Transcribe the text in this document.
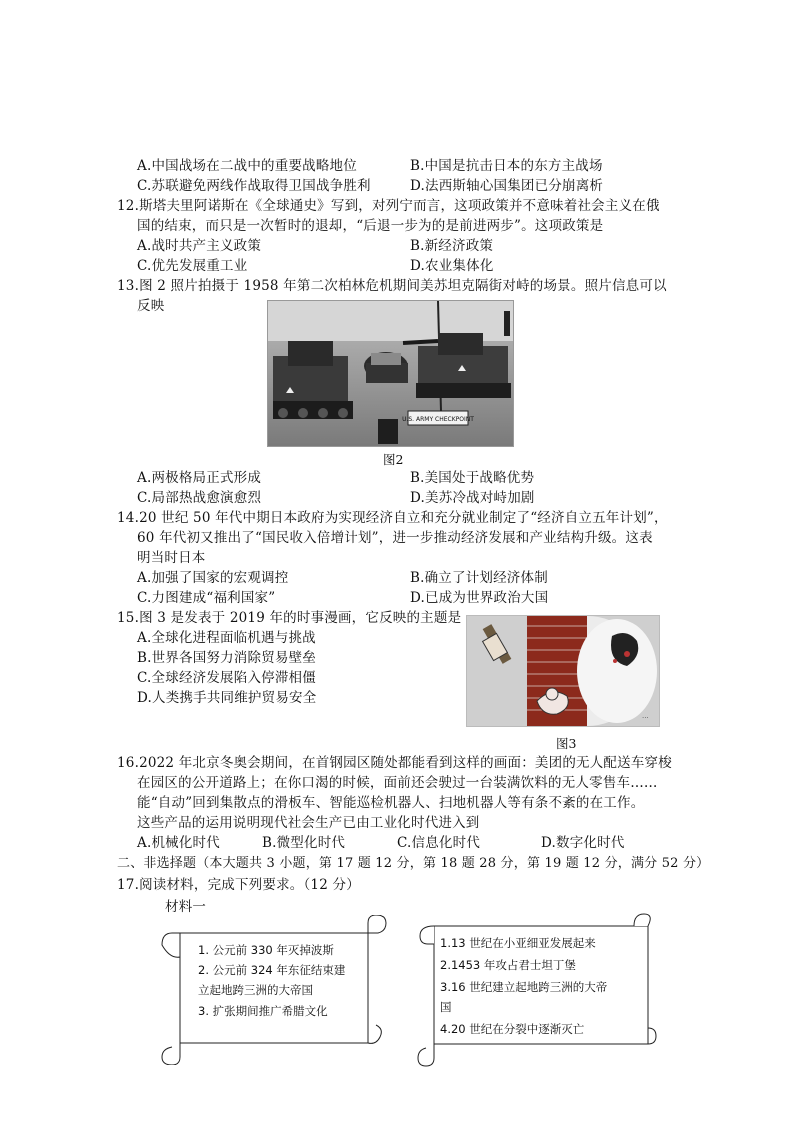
A.中国战场在二战中的重要战略地位	B.中国是抗击日本的东方主战场
C.苏联避免两线作战取得卫国战争胜利	D.法西斯轴心国集团已分崩离析
12.斯塔夫里阿诺斯在《全球通史》写到，对列宁而言，这项政策并不意味着社会主义在俄
国的结束，而只是一次暂时的退却，“后退一步为的是前进两步”。这项政策是
A.战时共产主义政策	B.新经济政策
C.优先发展重工业	D.农业集体化
13.图 2 照片拍摄于 1958 年第二次柏林危机期间美苏坦克隔街对峙的场景。照片信息可以
反映
U.S. ARMY CHECKPOINT
图2
A.两极格局正式形成	B.美国处于战略优势
C.局部热战愈演愈烈	D.美苏冷战对峙加剧
14.20 世纪 50 年代中期日本政府为实现经济自立和充分就业制定了“经济自立五年计划”，
60 年代初又推出了“国民收入倍增计划”，进一步推动经济发展和产业结构升级。这表
明当时日本
A.加强了国家的宏观调控	B.确立了计划经济体制
C.力图建成“福利国家”	D.已成为世界政治大国
15.图 3 是发表于 2019 年的时事漫画，它反映的主题是
A.全球化进程面临机遇与挑战
B.世界各国努力消除贸易壁垒
C.全球经济发展陷入停滞相僵
D.人类携手共同维护贸易安全
···
图3
16.2022 年北京冬奥会期间，在首钢园区随处都能看到这样的画面：美团的无人配送车穿梭
在园区的公开道路上；在你口渴的时候，面前还会驶过一台装满饮料的无人零售车……
能“自动”回到集散点的滑板车、智能巡检机器人、扫地机器人等有条不紊的在工作。
这些产品的运用说明现代社会生产已由工业化时代进入到
A.机械化时代	B.微型化时代	C.信息化时代	D.数字化时代
二、非选择题（本大题共 3 小题，第 17 题 12 分，第 18 题 28 分，第 19 题 12 分，满分 52 分）
17.阅读材料，完成下列要求。（12 分）
材料一
1. 公元前 330 年灭掉波斯
2. 公元前 324 年东征结束建
立起地跨三洲的大帝国
3. 扩张期间推广希腊文化
1.13 世纪在小亚细亚发展起来
2.1453 年攻占君士坦丁堡
3.16 世纪建立起地跨三洲的大帝
国
4.20 世纪在分裂中逐渐灭亡
